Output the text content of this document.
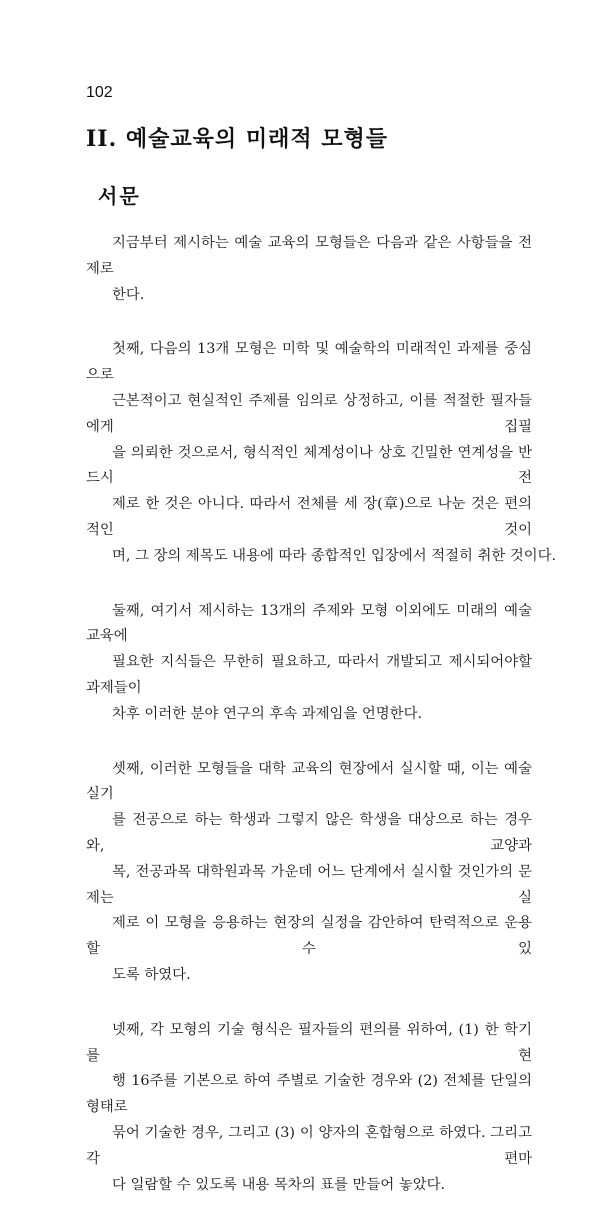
102
II. 예술교육의 미래적 모형들
서문

지금부터 제시하는 예술 교육의 모형들은 다음과 같은 사항들을 전제로
한다.

첫째, 다음의 13개 모형은 미학 및 예술학의 미래적인 과제를 중심으로
근본적이고 현실적인 주제를 임의로 상정하고, 이를 적절한 필자들에게 집필
을 의뢰한 것으로서, 형식적인 체계성이나 상호 긴밀한 연계성을 반드시 전
제로 한 것은 아니다. 따라서 전체를 세 장(章)으로 나눈 것은 편의적인 것이
며, 그 장의 제목도 내용에 따라 종합적인 입장에서 적절히 취한 것이다.

둘째, 여기서 제시하는 13개의 주제와 모형 이외에도 미래의 예술 교육에
필요한 지식들은 무한히 필요하고, 따라서 개발되고 제시되어야할 과제들이
차후 이러한 분야 연구의 후속 과제임을 언명한다.

셋째, 이러한 모형들을 대학 교육의 현장에서 실시할 때, 이는 예술 실기
를 전공으로 하는 학생과 그렇지 않은 학생을 대상으로 하는 경우와, 교양과
목, 전공과목 대학원과목 가운데 어느 단계에서 실시할 것인가의 문제는 실
제로 이 모형을 응용하는 현장의 실정을 감안하여 탄력적으로 운용할 수 있
도록 하였다.

넷째, 각 모형의 기술 형식은 필자들의 편의를 위하여, (1) 한 학기를 현
행 16주를 기본으로 하여 주별로 기술한 경우와 (2) 전체를 단일의 형태로
묶어 기술한 경우, 그리고 (3) 이 양자의 혼합형으로 하였다. 그리고 각 편마
다 일람할 수 있도록 내용 목차의 표를 만들어 놓았다.
